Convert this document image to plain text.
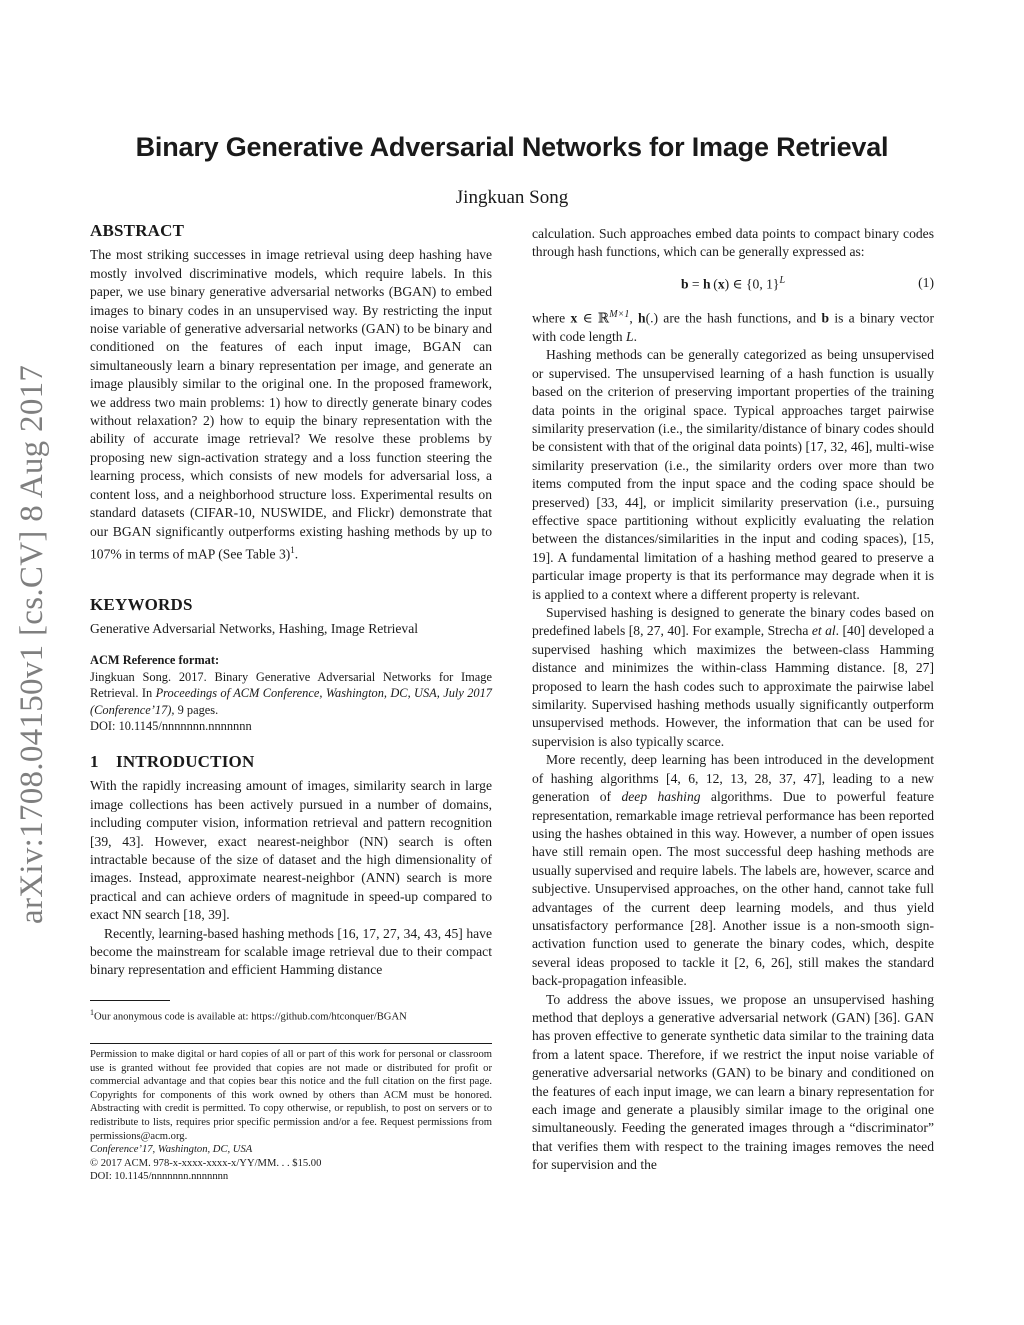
Binary Generative Adversarial Networks for Image Retrieval
Jingkuan Song
arXiv:1708.04150v1 [cs.CV] 8 Aug 2017
ABSTRACT

The most striking successes in image retrieval using deep hashing have mostly involved discriminative models, which require labels. In this paper, we use binary generative adversarial networks (BGAN) to embed images to binary codes in an unsupervised way. By restricting the input noise variable of generative adversarial networks (GAN) to be binary and conditioned on the features of each input image, BGAN can simultaneously learn a binary representation per image, and generate an image plausibly similar to the original one. In the proposed framework, we address two main problems: 1) how to directly generate binary codes without relaxation? 2) how to equip the binary representation with the ability of accurate image retrieval? We resolve these problems by proposing new sign-activation strategy and a loss function steering the learning process, which consists of new models for adversarial loss, a content loss, and a neighborhood structure loss. Experimental results on standard datasets (CIFAR-10, NUSWIDE, and Flickr) demonstrate that our BGAN significantly outperforms existing hashing methods by up to 107% in terms of mAP (See Table 3)$^1$.

KEYWORDS

Generative Adversarial Networks, Hashing, Image Retrieval

ACM Reference format:

Jingkuan Song. 2017. Binary Generative Adversarial Networks for Image Retrieval. In Proceedings of ACM Conference, Washington, DC, USA, July 2017 (Conference’17), 9 pages.

DOI: 10.1145/nnnnnnn.nnnnnnn
1 INTRODUCTION

With the rapidly increasing amount of images, similarity search in large image collections has been actively pursued in a number of domains, including computer vision, information retrieval and pattern recognition [39, 43]. However, exact nearest-neighbor (NN) search is often intractable because of the size of dataset and the high dimensionality of images. Instead, approximate nearest-neighbor (ANN) search is more practical and can achieve orders of magnitude in speed-up compared to exact NN search [18, 39].

Recently, learning-based hashing methods [16, 17, 27, 34, 43, 45] have become the mainstream for scalable image retrieval due to their compact binary representation and efficient Hamming distance

$^1$Our anonymous code is available at: https://github.com/htconquer/BGAN

Permission to make digital or hard copies of all or part of this work for personal or classroom use is granted without fee provided that copies are not made or distributed for profit or commercial advantage and that copies bear this notice and the full citation on the first page. Copyrights for components of this work owned by others than ACM must be honored. Abstracting with credit is permitted. To copy otherwise, or republish, to post on servers or to redistribute to lists, requires prior specific permission and/or a fee. Request permissions from permissions@acm.org.

Conference’17, Washington, DC, USA
© 2017 ACM. 978-x-xxxx-xxxx-x/YY/MM. . . $15.00
DOI: 10.1145/nnnnnnn.nnnnnnn

calculation. Such approaches embed data points to compact binary codes through hash functions, which can be generally expressed as:

b = h (x) ∈ {0, 1}$^L$	(1)

where x ∈ ℝ$^{M\times 1}$, h(.) are the hash functions, and b is a binary vector with code length L.

Hashing methods can be generally categorized as being unsupervised or supervised. The unsupervised learning of a hash function is usually based on the criterion of preserving important properties of the training data points in the original space. Typical approaches target pairwise similarity preservation (i.e., the similarity/distance of binary codes should be consistent with that of the original data points) [17, 32, 46], multi-wise similarity preservation (i.e., the similarity orders over more than two items computed from the input space and the coding space should be preserved) [33, 44], or implicit similarity preservation (i.e., pursuing effective space partitioning without explicitly evaluating the relation between the distances/similarities in the input and coding spaces), [15, 19]. A fundamental limitation of a hashing method geared to preserve a particular image property is that its performance may degrade when it is is applied to a context where a different property is relevant.

Supervised hashing is designed to generate the binary codes based on predefined labels [8, 27, 40]. For example, Strecha et al. [40] developed a supervised hashing which maximizes the between-class Hamming distance and minimizes the within-class Hamming distance. [8, 27] proposed to learn the hash codes such to approximate the pairwise label similarity. Supervised hashing methods usually significantly outperform unsupervised methods. However, the information that can be used for supervision is also typically scarce.

More recently, deep learning has been introduced in the development of hashing algorithms [4, 6, 12, 13, 28, 37, 47], leading to a new generation of deep hashing algorithms. Due to powerful feature representation, remarkable image retrieval performance has been reported using the hashes obtained in this way. However, a number of open issues have still remain open. The most successful deep hashing methods are usually supervised and require labels. The labels are, however, scarce and subjective. Unsupervised approaches, on the other hand, cannot take full advantages of the current deep learning models, and thus yield unsatisfactory performance [28]. Another issue is a non-smooth sign-activation function used to generate the binary codes, which, despite several ideas proposed to tackle it [2, 6, 26], still makes the standard back-propagation infeasible.

To address the above issues, we propose an unsupervised hashing method that deploys a generative adversarial network (GAN) [36]. GAN has proven effective to generate synthetic data similar to the training data from a latent space. Therefore, if we restrict the input noise variable of generative adversarial networks (GAN) to be binary and conditioned on the features of each input image, we can learn a binary representation for each image and generate a plausibly similar image to the original one simultaneously. Feeding the generated images through a “discriminator” that verifies them with respect to the training images removes the need for supervision and the
